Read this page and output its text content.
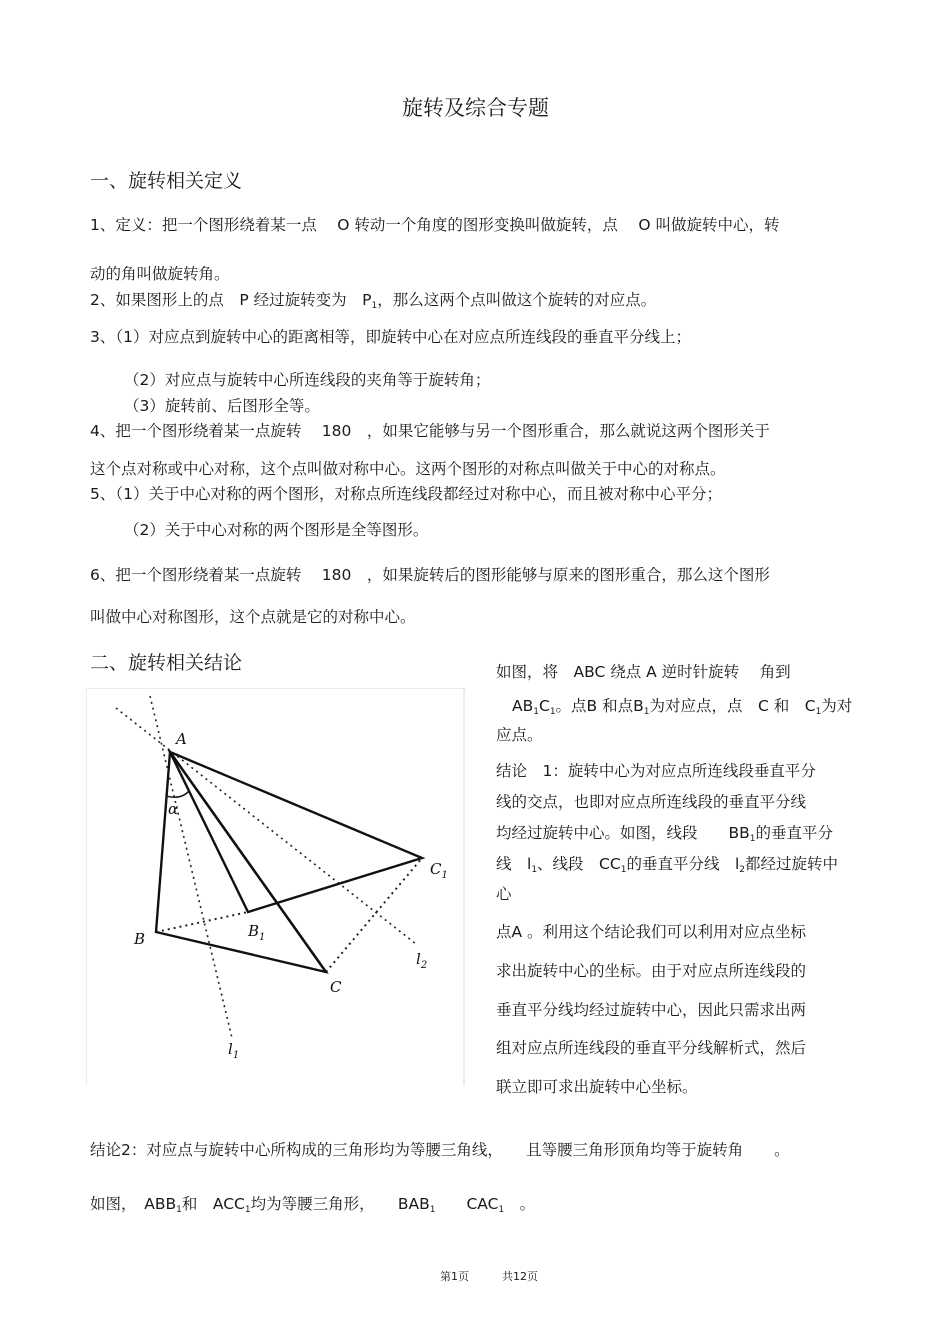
旋转及综合专题
一、旋转相关定义
1、定义：把一个图形绕着某一点　 O 转动一个角度的图形变换叫做旋转，点　 O 叫做旋转中心，转
动的角叫做旋转角。
2、如果图形上的点　P 经过旋转变为　$P_1$，那么这两个点叫做这个旋转的对应点。
3、（1）对应点到旋转中心的距离相等，即旋转中心在对应点所连线段的垂直平分线上；
（2）对应点与旋转中心所连线段的夹角等于旋转角；
（3）旋转前、后图形全等。
4、把一个图形绕着某一点旋转　 180　，如果它能够与另一个图形重合，那么就说这两个图形关于
这个点对称或中心对称，这个点叫做对称中心。这两个图形的对称点叫做关于中心的对称点。
5、（1）关于中心对称的两个图形，对称点所连线段都经过对称中心，而且被对称中心平分；
（2）关于中心对称的两个图形是全等图形。
6、把一个图形绕着某一点旋转　 180　，如果旋转后的图形能够与原来的图形重合，那么这个图形
叫做中心对称图形，这个点就是它的对称中心。
二、旋转相关结论
A
B	$B_1$
C
$C_1$
$l_1$
$l_2$
α
如图，将　ABC 绕点 A 逆时针旋转　 角到
$AB_1C_1$。点B 和点$B_1$为对应点，点　C 和　$C_1$为对
应点。
结论　1：旋转中心为对应点所连线段垂直平分
线的交点，也即对应点所连线段的垂直平分线
均经过旋转中心。如图，线段　　$BB_1$的垂直平分
线　$l_1$、线段　$CC_1$的垂直平分线　$l_2$都经过旋转中
心
点A 。利用这个结论我们可以利用对应点坐标
求出旋转中心的坐标。由于对应点所连线段的
垂直平分线均经过旋转中心，因此只需求出两
组对应点所连线段的垂直平分线解析式，然后
联立即可求出旋转中心坐标。
结论2：对应点与旋转中心所构成的三角形均为等腰三角线，　　且等腰三角形顶角均等于旋转角　　。
如图，　$ABB_1$和　$ACC_1$均为等腰三角形，　　$BAB_1$　　$CAC_1$　。
第1页	共12页
